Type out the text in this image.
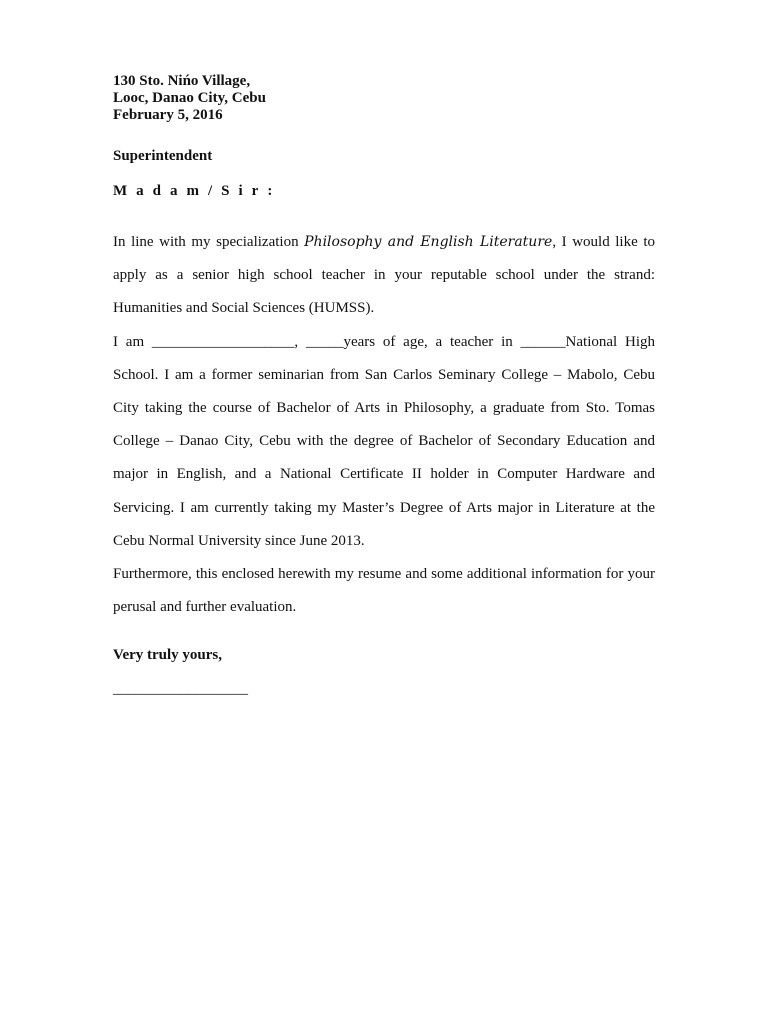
130 Sto. Nińo Village,
Looc, Danao City, Cebu
February 5, 2016
Superintendent
Madam/Sir:

In line with my specialization Philosophy and English Literature, I would like to apply as a senior high school teacher in your reputable school under the strand: Humanities and Social Sciences (HUMSS).

I am ___________________, _____years of age, a teacher in ______National High School. I am a former seminarian from San Carlos Seminary College – Mabolo, Cebu City taking the course of Bachelor of Arts in Philosophy, a graduate from Sto. Tomas College – Danao City, Cebu with the degree of Bachelor of Secondary Education and major in English, and a National Certificate II holder in Computer Hardware and Servicing. I am currently taking my Master’s Degree of Arts major in Literature at the Cebu Normal University since June 2013.

Furthermore, this enclosed herewith my resume and some additional information for your perusal and further evaluation.

Very truly yours,
__________________
